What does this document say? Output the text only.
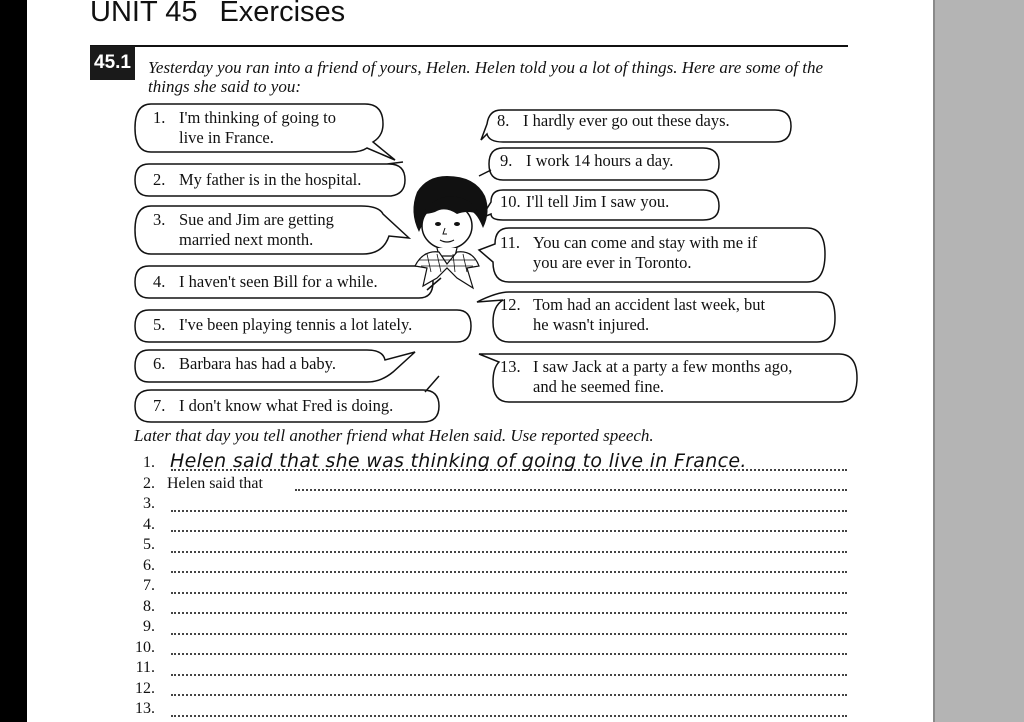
UNIT 45 Exercises
45.1 Yesterday you ran into a friend of yours, Helen. Helen told you a lot of things. Here are some of the things she said to you:
1. I'm thinking of going to
live in France.
2. My father is in the hospital.
3. Sue and Jim are getting
married next month.
4. I haven't seen Bill for a while.
5. I've been playing tennis a lot lately.
6. Barbara has had a baby.
7. I don't know what Fred is doing.
8. I hardly ever go out these days.
9. I work 14 hours a day.
10. I'll tell Jim I saw you.
11. You can come and stay with me if
you are ever in Toronto.
12. Tom had an accident last week, but
he wasn't injured.
13. I saw Jack at a party a few months ago,
and he seemed fine.
Later that day you tell another friend what Helen said. Use reported speech.
1. Helen said that she was thinking of going to live in France.
2. Helen said that
3.
4.
5.
6.
7.
8.
9.
10.
11.
12.
13.
